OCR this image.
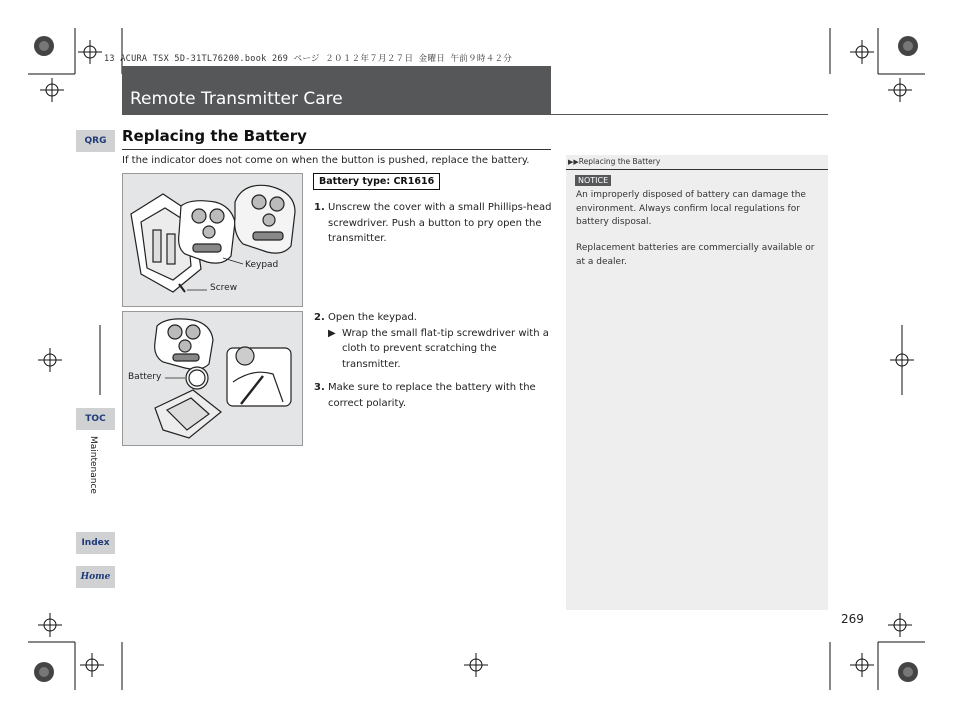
13 ACURA TSX 5D-31TL76200.book 269 ページ ２０１２年７月２７日 金曜日 午前９時４２分
Remote Transmitter Care
QRG
TOC
Maintenance
Index
Home
Replacing the Battery
If the indicator does not come on when the button is pushed, replace the battery.
Keypad
Screw
Battery
Battery type: CR1616
1. Unscrew the cover with a small Phillips-head screwdriver. Push a button to pry open the transmitter.
2. Open the keypad.
▶ Wrap the small flat-tip screwdriver with a cloth to prevent scratching the transmitter.
3. Make sure to replace the battery with the correct polarity.
▶▶Replacing the Battery
NOTICE
An improperly disposed of battery can damage the environment. Always confirm local regulations for battery disposal.
Replacement batteries are commercially available or at a dealer.
269
